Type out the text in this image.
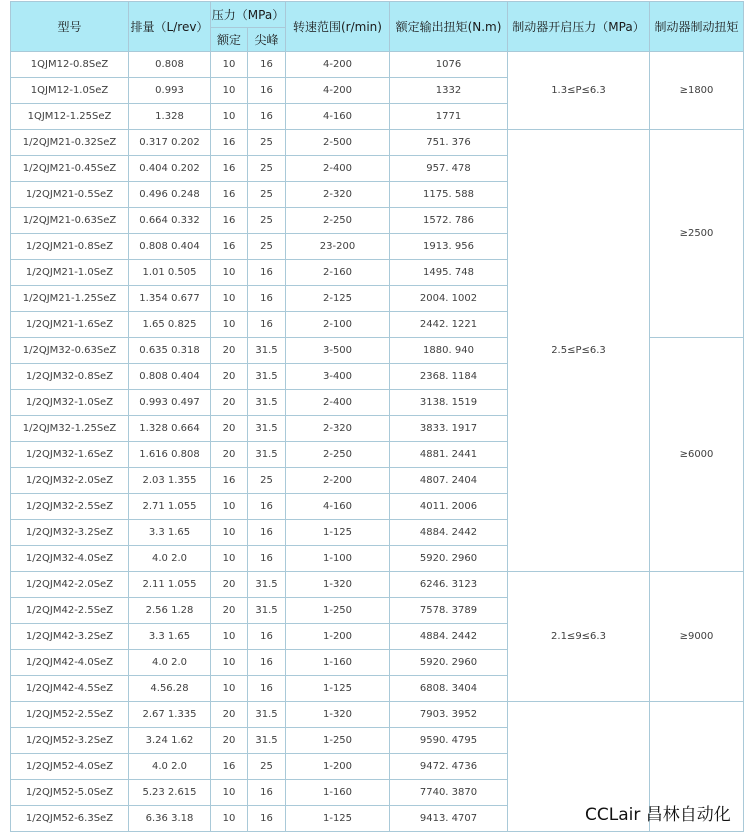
型号	排量（L/rev）	压力（MPa）		转速范围(r/min)	额定输出扭矩(N.m)	制动器开启压力（MPa）	制动器制动扭矩
		额定	尖峰				
1QJM12-0.8SeZ	0.808	10	16	4-200	1076	1.3≤P≤6.3	≥1800
1QJM12-1.0SeZ	0.993	10	16	4-200	1332		
1QJM12-1.25SeZ	1.328	10	16	4-160	1771		
1/2QJM21-0.32SeZ	0.317 0.202	16	25	2-500	751. 376	2.5≤P≤6.3	≥2500
1/2QJM21-0.45SeZ	0.404 0.202	16	25	2-400	957. 478		
1/2QJM21-0.5SeZ	0.496 0.248	16	25	2-320	1175. 588		
1/2QJM21-0.63SeZ	0.664 0.332	16	25	2-250	1572. 786		
1/2QJM21-0.8SeZ	0.808 0.404	16	25	23-200	1913. 956		
1/2QJM21-1.0SeZ	1.01 0.505	10	16	2-160	1495. 748		
1/2QJM21-1.25SeZ	1.354 0.677	10	16	2-125	2004. 1002		
1/2QJM21-1.6SeZ	1.65 0.825	10	16	2-100	2442. 1221		
1/2QJM32-0.63SeZ	0.635 0.318	20	31.5	3-500	1880. 940		≥6000
1/2QJM32-0.8SeZ	0.808 0.404	20	31.5	3-400	2368. 1184		
1/2QJM32-1.0SeZ	0.993 0.497	20	31.5	2-400	3138. 1519		
1/2QJM32-1.25SeZ	1.328 0.664	20	31.5	2-320	3833. 1917		
1/2QJM32-1.6SeZ	1.616 0.808	20	31.5	2-250	4881. 2441		
1/2QJM32-2.0SeZ	2.03 1.355	16	25	2-200	4807. 2404		
1/2QJM32-2.5SeZ	2.71 1.055	10	16	4-160	4011. 2006		
1/2QJM32-3.2SeZ	3.3 1.65	10	16	1-125	4884. 2442		
1/2QJM32-4.0SeZ	4.0 2.0	10	16	1-100	5920. 2960		
1/2QJM42-2.0SeZ	2.11 1.055	20	31.5	1-320	6246. 3123	2.1≤9≤6.3	≥9000
1/2QJM42-2.5SeZ	2.56 1.28	20	31.5	1-250	7578. 3789		
1/2QJM42-3.2SeZ	3.3 1.65	10	16	1-200	4884. 2442		
1/2QJM42-4.0SeZ	4.0 2.0	10	16	1-160	5920. 2960		
1/2QJM42-4.5SeZ	4.56.28	10	16	1-125	6808. 3404		
1/2QJM52-2.5SeZ	2.67 1.335	20	31.5	1-320	7903. 3952		
1/2QJM52-3.2SeZ	3.24 1.62	20	31.5	1-250	9590. 4795		
1/2QJM52-4.0SeZ	4.0 2.0	16	25	1-200	9472. 4736		
1/2QJM52-5.0SeZ	5.23 2.615	10	16	1-160	7740. 3870		
1/2QJM52-6.3SeZ	6.36 3.18	10	16	1-125	9413. 4707			CCLair 昌林自动化
